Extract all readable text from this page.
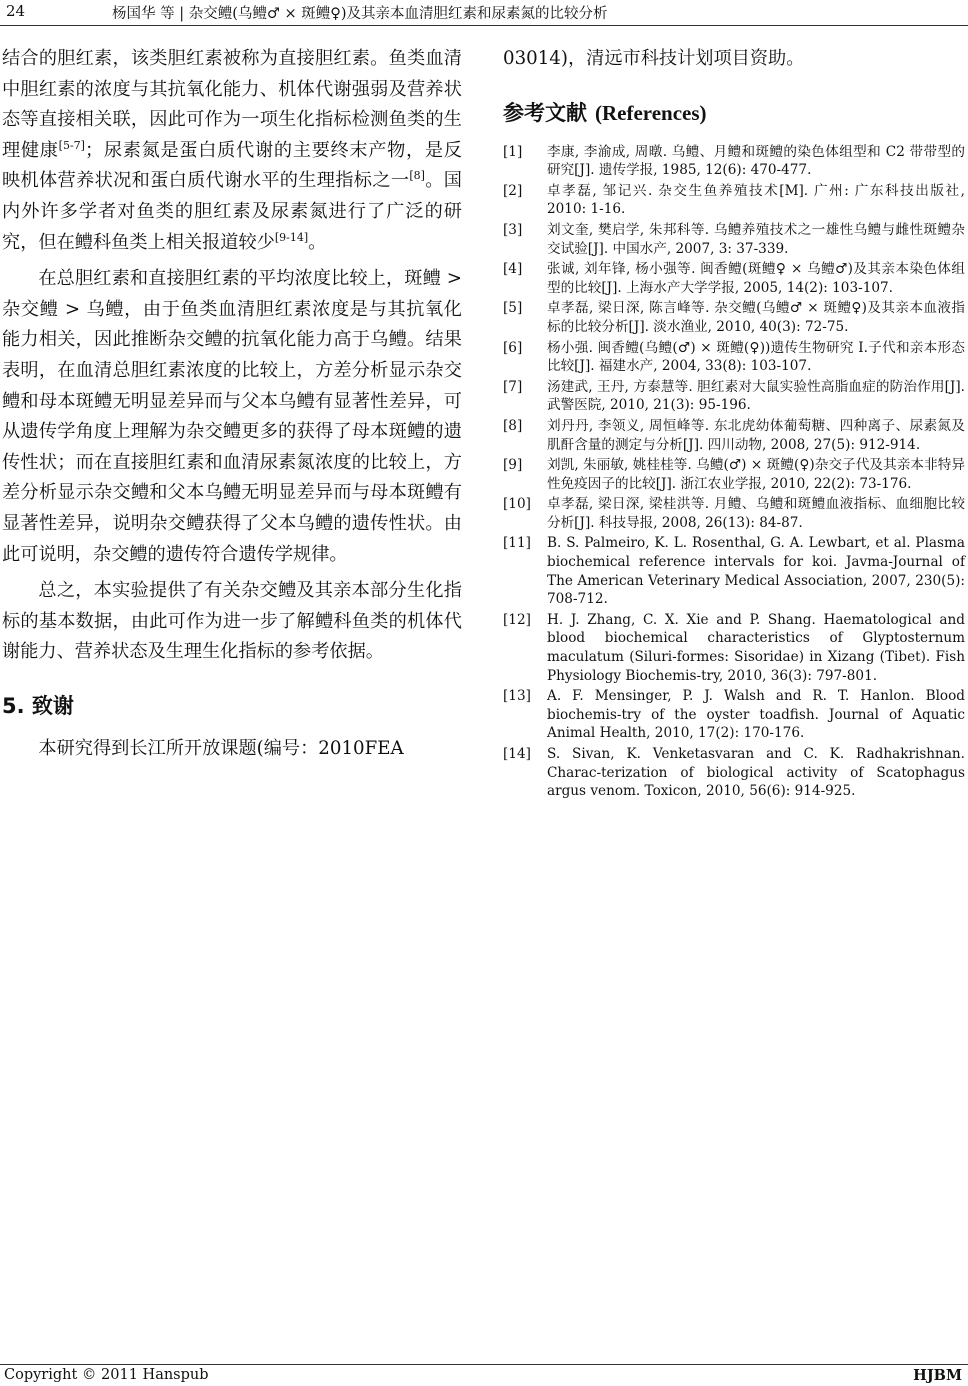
24	杨国华 等 | 杂交鳢(乌鳢♂ × 斑鳢♀)及其亲本血清胆红素和尿素氮的比较分析

结合的胆红素，该类胆红素被称为直接胆红素。鱼类血清中胆红素的浓度与其抗氧化能力、机体代谢强弱及营养状态等直接相关联，因此可作为一项生化指标检测鱼类的生理健康[5-7]；尿素氮是蛋白质代谢的主要终末产物，是反映机体营养状况和蛋白质代谢水平的生理指标之一[8]。国内外许多学者对鱼类的胆红素及尿素氮进行了广泛的研究，但在鳢科鱼类上相关报道较少[9-14]。

在总胆红素和直接胆红素的平均浓度比较上，斑鳢 > 杂交鳢 > 乌鳢，由于鱼类血清胆红素浓度是与其抗氧化能力相关，因此推断杂交鳢的抗氧化能力高于乌鳢。结果表明，在血清总胆红素浓度的比较上，方差分析显示杂交鳢和母本斑鳢无明显差异而与父本乌鳢有显著性差异，可从遗传学角度上理解为杂交鳢更多的获得了母本斑鳢的遗传性状；而在直接胆红素和血清尿素氮浓度的比较上，方差分析显示杂交鳢和父本乌鳢无明显差异而与母本斑鳢有显著性差异，说明杂交鳢获得了父本乌鳢的遗传性状。由此可说明，杂交鳢的遗传符合遗传学规律。

总之，本实验提供了有关杂交鳢及其亲本部分生化指标的基本数据，由此可作为进一步了解鳢科鱼类的机体代谢能力、营养状态及生理生化指标的参考依据。

5. 致谢

本研究得到长江所开放课题(编号：2010FEA

03014)，清远市科技计划项目资助。

参考文献 (References)
[1] 李康, 李渝成, 周暾. 乌鳢、月鳢和斑鳢的染色体组型和 C2 带带型的研究[J]. 遗传学报, 1985, 12(6): 470-477.
[2] 卓孝磊, 邹记兴. 杂交生鱼养殖技术[M]. 广州: 广东科技出版社, 2010: 1-16.
[3] 刘文奎, 樊启学, 朱邦科等. 乌鳢养殖技术之一雄性乌鳢与雌性斑鳢杂交试验[J]. 中国水产, 2007, 3: 37-339.
[4] 张诚, 刘年锋, 杨小强等. 闽香鳢(斑鳢♀ × 乌鳢♂)及其亲本染色体组型的比较[J]. 上海水产大学学报, 2005, 14(2): 103-107.
[5] 卓孝磊, 梁日深, 陈言峰等. 杂交鳢(乌鳢♂ × 斑鳢♀)及其亲本血液指标的比较分析[J]. 淡水渔业, 2010, 40(3): 72-75.
[6] 杨小强. 闽香鳢(乌鳢(♂) × 斑鳢(♀))遗传生物研究 I.子代和亲本形态比较[J]. 福建水产, 2004, 33(8): 103-107.
[7] 汤建武, 王丹, 方泰慧等. 胆红素对大鼠实验性高脂血症的防治作用[J]. 武警医院, 2010, 21(3): 95-196.
[8] 刘丹丹, 李领义, 周恒峰等. 东北虎幼体葡萄糖、四种离子、尿素氮及肌酐含量的测定与分析[J]. 四川动物, 2008, 27(5): 912-914.
[9] 刘凯, 朱丽敏, 姚桂桂等. 乌鳢(♂) × 斑鳢(♀)杂交子代及其亲本非特异性免疫因子的比较[J]. 浙江农业学报, 2010, 22(2): 73-176.
[10] 卓孝磊, 梁日深, 梁桂洪等. 月鳢、乌鳢和斑鳢血液指标、血细胞比较分析[J]. 科技导报, 2008, 26(13): 84-87.
[11] B. S. Palmeiro, K. L. Rosenthal, G. A. Lewbart, et al. Plasma biochemical reference intervals for koi. Javma-Journal of The American Veterinary Medical Association, 2007, 230(5): 708-712.
[12] H. J. Zhang, C. X. Xie and P. Shang. Haematological and blood biochemical characteristics of Glyptosternum maculatum (Siluri-formes: Sisoridae) in Xizang (Tibet). Fish Physiology Biochemis-try, 2010, 36(3): 797-801.
[13] A. F. Mensinger, P. J. Walsh and R. T. Hanlon. Blood biochemis-try of the oyster toadfish. Journal of Aquatic Animal Health, 2010, 17(2): 170-176.
[14] S. Sivan, K. Venketasvaran and C. K. Radhakrishnan. Charac-terization of biological activity of Scatophagus argus venom. Toxicon, 2010, 56(6): 914-925.
Copyright © 2011 Hanspub	HJBM
